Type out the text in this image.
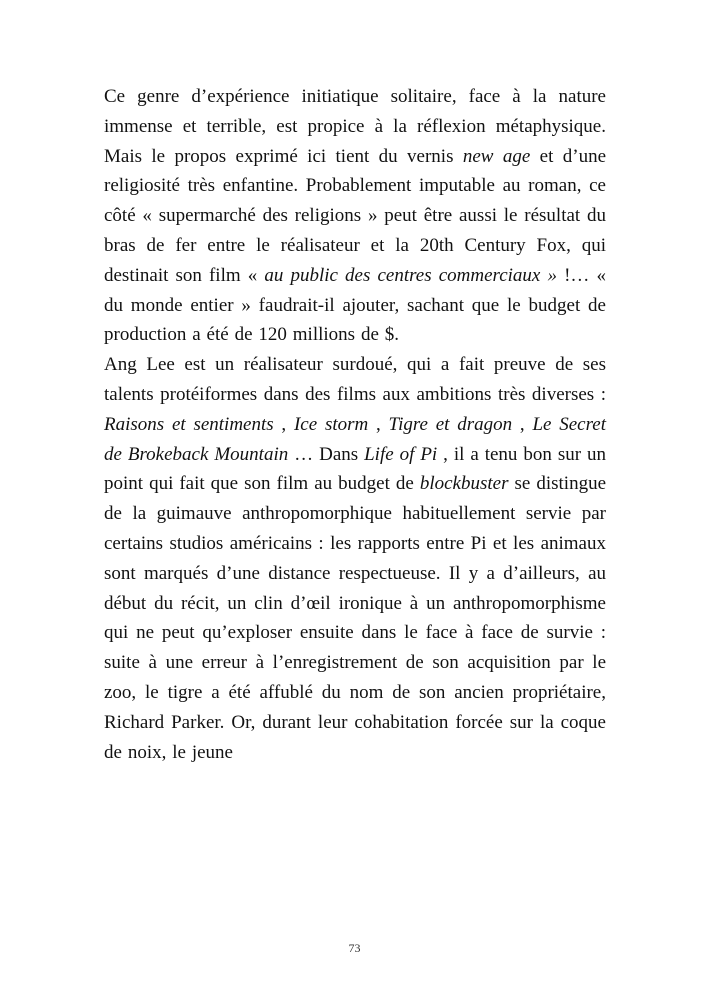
Ce genre d’expérience initiatique solitaire, face à la nature immense et terrible, est propice à la réflexion métaphysique. Mais le propos exprimé ici tient du vernis new age et d’une religiosité très enfantine. Probablement imputable au roman, ce côté « supermarché des religions » peut être aussi le résultat du bras de fer entre le réalisateur et la 20th Century Fox, qui destinait son film « au public des centres commerciaux » !… « du monde entier » faudrait-il ajouter, sachant que le budget de production a été de 120 millions de $.

Ang Lee est un réalisateur surdoué, qui a fait preuve de ses talents protéiformes dans des films aux ambitions très diverses : Raisons et sentiments , Ice storm , Tigre et dragon , Le Secret de Brokeback Mountain … Dans Life of Pi , il a tenu bon sur un point qui fait que son film au budget de blockbuster se distingue de la guimauve anthropomorphique habituellement servie par certains studios américains : les rapports entre Pi et les animaux sont marqués d’une distance respectueuse. Il y a d’ailleurs, au début du récit, un clin d’œil ironique à un anthropomorphisme qui ne peut qu’exploser ensuite dans le face à face de survie : suite à une erreur à l’enregistrement de son acquisition par le zoo, le tigre a été affublé du nom de son ancien propriétaire, Richard Parker. Or, durant leur cohabitation forcée sur la coque de noix, le jeune

73
